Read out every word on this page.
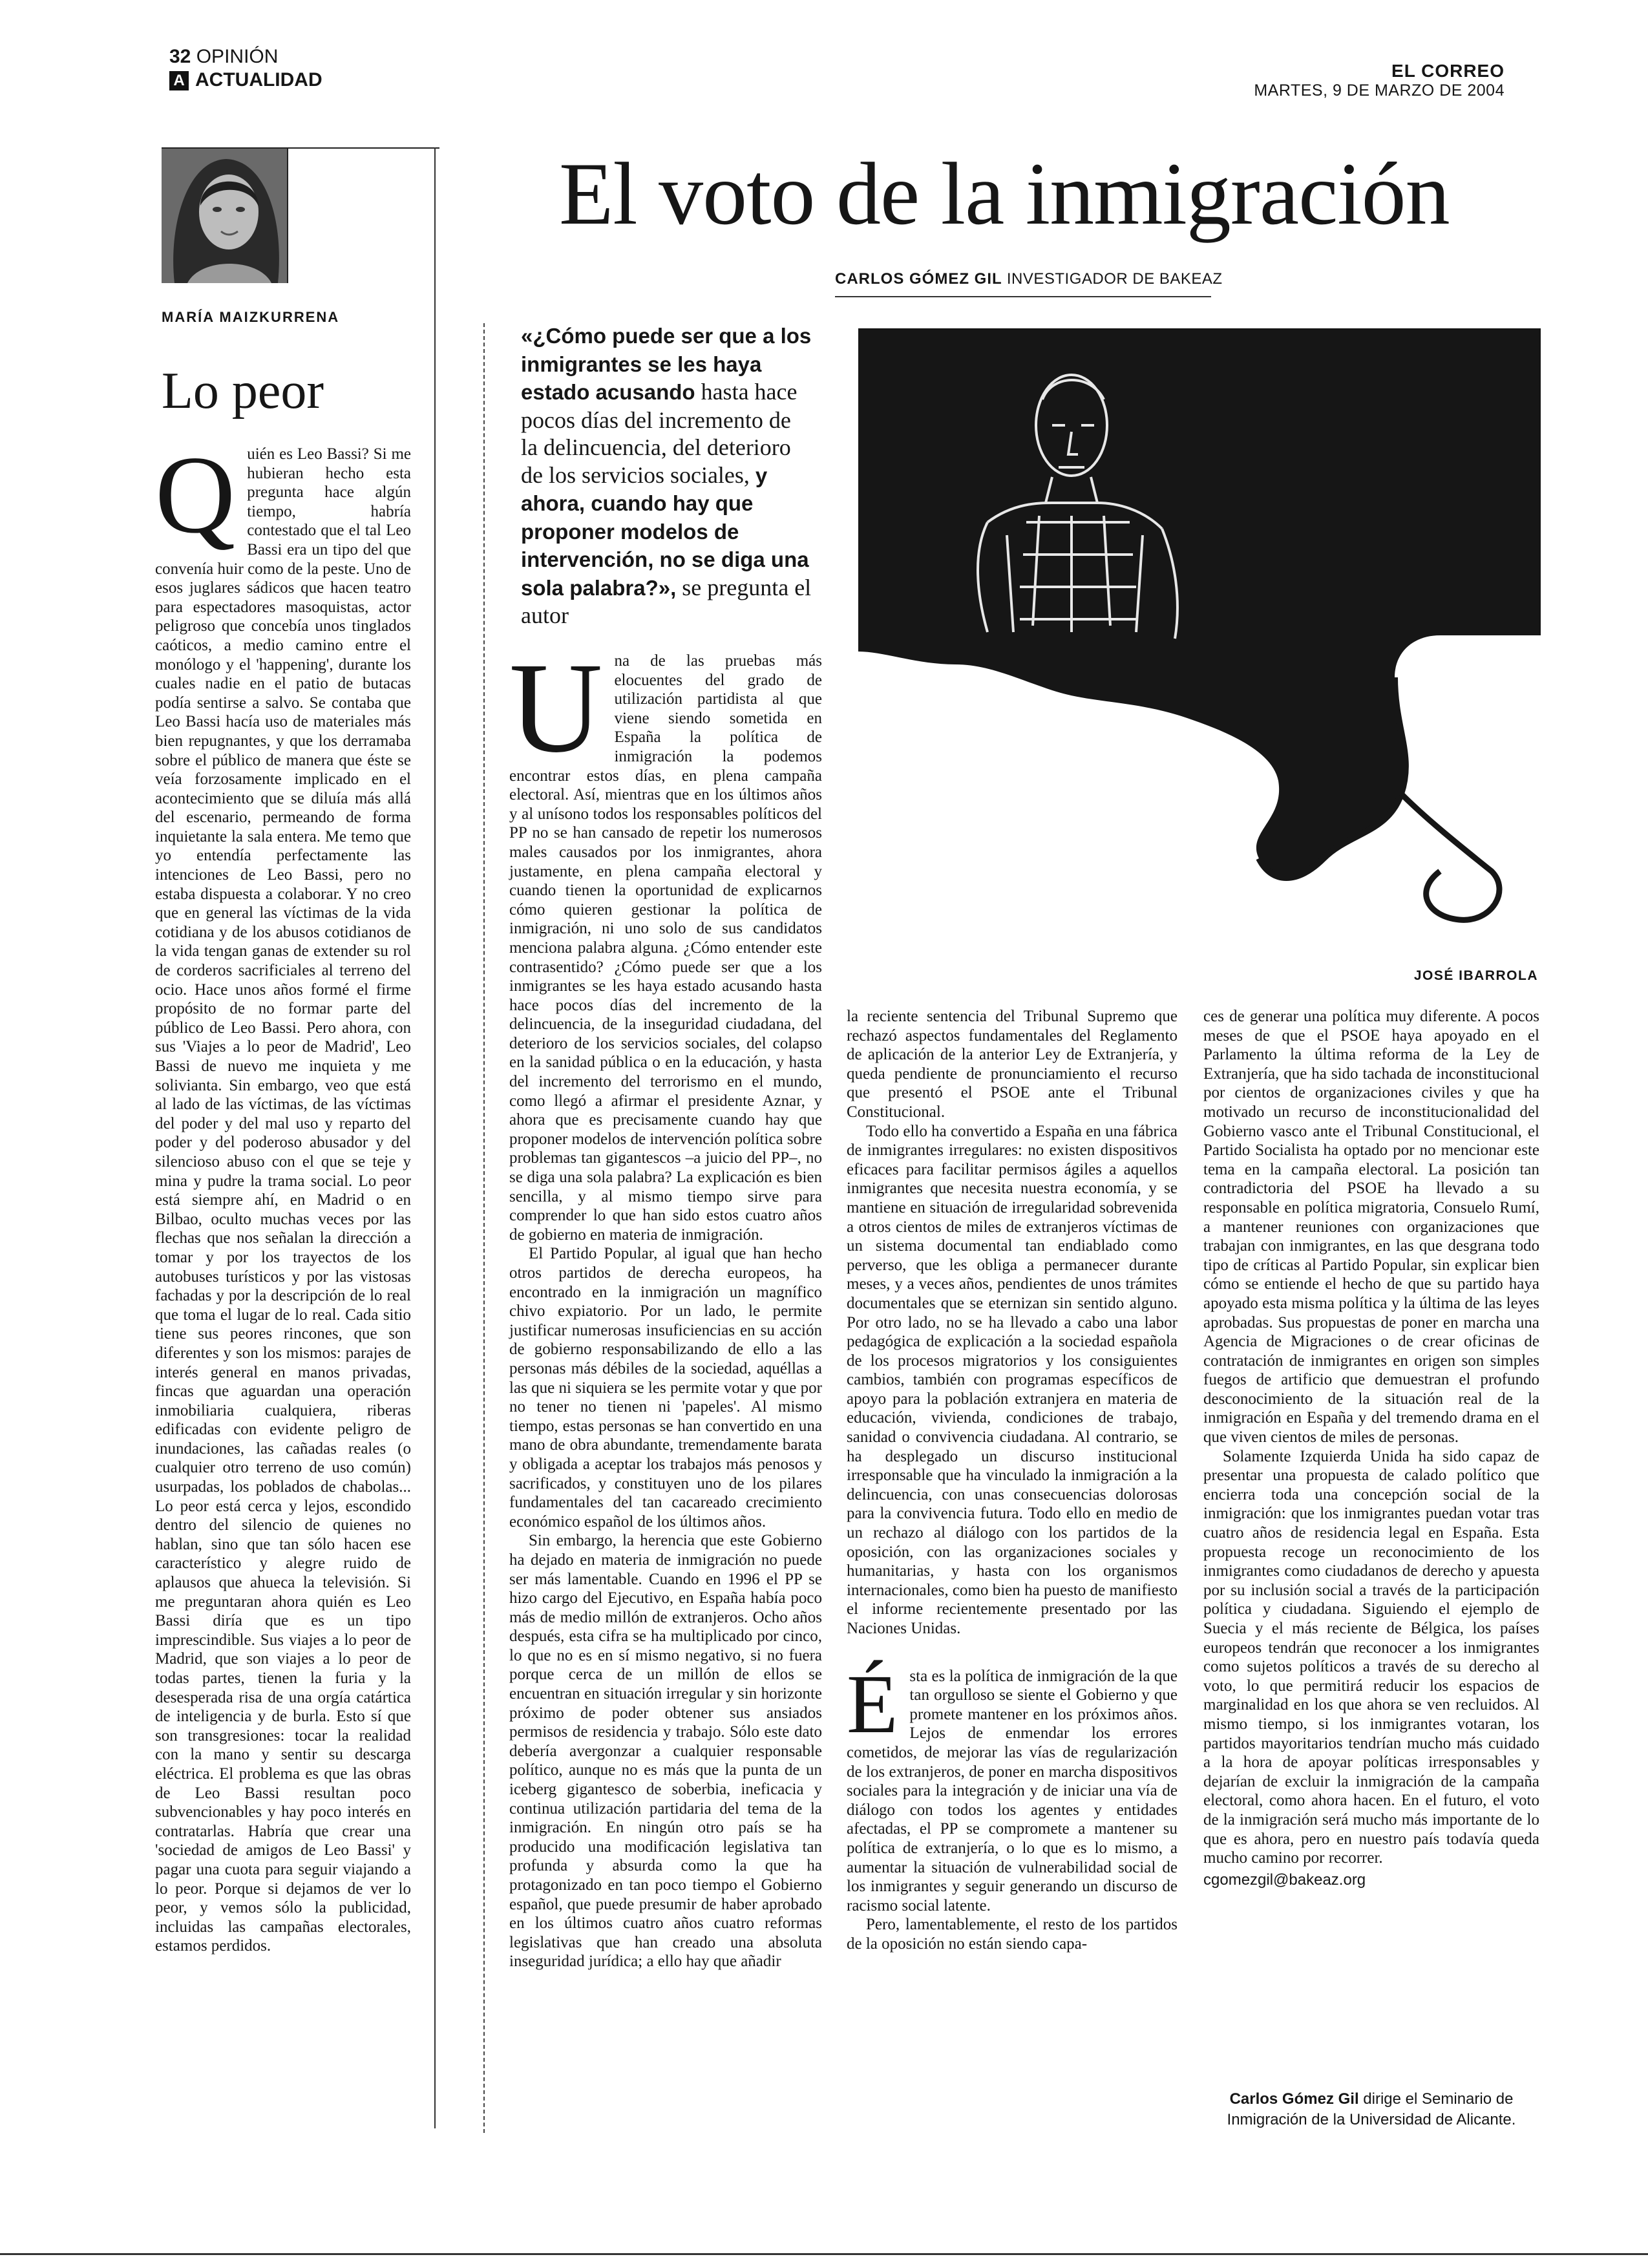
32 OPINIÓN
A ACTUALIDAD	EL CORREO
MARTES, 9 DE MARZO DE 2004
MARÍA MAIZKURRENA
Lo peor

Quién es Leo Bassi? Si me hubieran hecho esta pregunta hace algún tiempo, habría contestado que el tal Leo Bassi era un tipo del que convenía huir como de la peste. Uno de esos juglares sádicos que hacen teatro para espectadores masoquistas, actor peligroso que concebía unos tinglados caóticos, a medio camino entre el monólogo y el 'happening', durante los cuales nadie en el patio de butacas podía sentirse a salvo. Se contaba que Leo Bassi hacía uso de materiales más bien repugnantes, y que los derramaba sobre el público de manera que éste se veía forzosamente implicado en el acontecimiento que se diluía más allá del escenario, permeando de forma inquietante la sala entera. Me temo que yo entendía perfectamente las intenciones de Leo Bassi, pero no estaba dispuesta a colaborar. Y no creo que en general las víctimas de la vida cotidiana y de los abusos cotidianos de la vida tengan ganas de extender su rol de corderos sacrificiales al terreno del ocio. Hace unos años formé el firme propósito de no formar parte del público de Leo Bassi. Pero ahora, con sus 'Viajes a lo peor de Madrid', Leo Bassi de nuevo me inquieta y me solivianta. Sin embargo, veo que está al lado de las víctimas, de las víctimas del poder y del mal uso y reparto del poder y del poderoso abusador y del silencioso abuso con el que se teje y mina y pudre la trama social. Lo peor está siempre ahí, en Madrid o en Bilbao, oculto muchas veces por las flechas que nos señalan la dirección a tomar y por los trayectos de los autobuses turísticos y por las vistosas fachadas y por la descripción de lo real que toma el lugar de lo real. Cada sitio tiene sus peores rincones, que son diferentes y son los mismos: parajes de interés general en manos privadas, fincas que aguardan una operación inmobiliaria cualquiera, riberas edificadas con evidente peligro de inundaciones, las cañadas reales (o cualquier otro terreno de uso común) usurpadas, los poblados de chabolas... Lo peor está cerca y lejos, escondido dentro del silencio de quienes no hablan, sino que tan sólo hacen ese característico y alegre ruido de aplausos que ahueca la televisión. Si me preguntaran ahora quién es Leo Bassi diría que es un tipo imprescindible. Sus viajes a lo peor de Madrid, que son viajes a lo peor de todas partes, tienen la furia y la desesperada risa de una orgía catártica de inteligencia y de burla. Esto sí que son transgresiones: tocar la realidad con la mano y sentir su descarga eléctrica. El problema es que las obras de Leo Bassi resultan poco subvencionables y hay poco interés en contratarlas. Habría que crear una 'sociedad de amigos de Leo Bassi' y pagar una cuota para seguir viajando a lo peor. Porque si dejamos de ver lo peor, y vemos sólo la publicidad, incluidas las campañas electorales, estamos perdidos.

El voto de la inmigración
CARLOS GÓMEZ GIL INVESTIGADOR DE BAKEAZ
«¿Cómo puede ser que a los inmigrantes se les haya estado acusando hasta hace pocos días del incremento de la delincuencia, del deterioro de los servicios sociales, y ahora, cuando hay que proponer modelos de intervención, no se diga una sola palabra?», se pregunta el autor
JOSÉ IBARROLA

Una de las pruebas más elocuentes del grado de utilización partidista al que viene siendo sometida en España la política de inmigración la podemos encontrar estos días, en plena campaña electoral. Así, mientras que en los últimos años y al unísono todos los responsables políticos del PP no se han cansado de repetir los numerosos males causados por los inmigrantes, ahora justamente, en plena campaña electoral y cuando tienen la oportunidad de explicarnos cómo quieren gestionar la política de inmigración, ni uno solo de sus candidatos menciona palabra alguna. ¿Cómo entender este contrasentido? ¿Cómo puede ser que a los inmigrantes se les haya estado acusando hasta hace pocos días del incremento de la delincuencia, de la inseguridad ciudadana, del deterioro de los servicios sociales, del colapso en la sanidad pública o en la educación, y hasta del incremento del terrorismo en el mundo, como llegó a afirmar el presidente Aznar, y ahora que es precisamente cuando hay que proponer modelos de intervención política sobre problemas tan gigantescos –a juicio del PP–, no se diga una sola palabra? La explicación es bien sencilla, y al mismo tiempo sirve para comprender lo que han sido estos cuatro años de gobierno en materia de inmigración.

El Partido Popular, al igual que han hecho otros partidos de derecha europeos, ha encontrado en la inmigración un magnífico chivo expiatorio. Por un lado, le permite justificar numerosas insuficiencias en su acción de gobierno responsabilizando de ello a las personas más débiles de la sociedad, aquéllas a las que ni siquiera se les permite votar y que por no tener no tienen ni 'papeles'. Al mismo tiempo, estas personas se han convertido en una mano de obra abundante, tremendamente barata y obligada a aceptar los trabajos más penosos y sacrificados, y constituyen uno de los pilares fundamentales del tan cacareado crecimiento económico español de los últimos años.

Sin embargo, la herencia que este Gobierno ha dejado en materia de inmigración no puede ser más lamentable. Cuando en 1996 el PP se hizo cargo del Ejecutivo, en España había poco más de medio millón de extranjeros. Ocho años después, esta cifra se ha multiplicado por cinco, lo que no es en sí mismo negativo, si no fuera porque cerca de un millón de ellos se encuentran en situación irregular y sin horizonte próximo de poder obtener sus ansiados permisos de residencia y trabajo. Sólo este dato debería avergonzar a cualquier responsable político, aunque no es más que la punta de un iceberg gigantesco de soberbia, ineficacia y continua utilización partidaria del tema de la inmigración. En ningún otro país se ha producido una modificación legislativa tan profunda y absurda como la que ha protagonizado en tan poco tiempo el Gobierno español, que puede presumir de haber aprobado en los últimos cuatro años cuatro reformas legislativas que han creado una absoluta inseguridad jurídica; a ello hay que añadir

la reciente sentencia del Tribunal Supremo que rechazó aspectos fundamentales del Reglamento de aplicación de la anterior Ley de Extranjería, y queda pendiente de pronunciamiento el recurso que presentó el PSOE ante el Tribunal Constitucional.

Todo ello ha convertido a España en una fábrica de inmigrantes irregulares: no existen dispositivos eficaces para facilitar permisos ágiles a aquellos inmigrantes que necesita nuestra economía, y se mantiene en situación de irregularidad sobrevenida a otros cientos de miles de extranjeros víctimas de un sistema documental tan endiablado como perverso, que les obliga a permanecer durante meses, y a veces años, pendientes de unos trámites documentales que se eternizan sin sentido alguno. Por otro lado, no se ha llevado a cabo una labor pedagógica de explicación a la sociedad española de los procesos migratorios y los consiguientes cambios, también con programas específicos de apoyo para la población extranjera en materia de educación, vivienda, condiciones de trabajo, sanidad o convivencia ciudadana. Al contrario, se ha desplegado un discurso institucional irresponsable que ha vinculado la inmigración a la delincuencia, con unas consecuencias dolorosas para la convivencia futura. Todo ello en medio de un rechazo al diálogo con los partidos de la oposición, con las organizaciones sociales y humanitarias, y hasta con los organismos internacionales, como bien ha puesto de manifiesto el informe recientemente presentado por las Naciones Unidas.

Ésta es la política de inmigración de la que tan orgulloso se siente el Gobierno y que promete mantener en los próximos años. Lejos de enmendar los errores cometidos, de mejorar las vías de regularización de los extranjeros, de poner en marcha dispositivos sociales para la integración y de iniciar una vía de diálogo con todos los agentes y entidades afectadas, el PP se compromete a mantener su política de extranjería, o lo que es lo mismo, a aumentar la situación de vulnerabilidad social de los inmigrantes y seguir generando un discurso de racismo social latente.

Pero, lamentablemente, el resto de los partidos de la oposición no están siendo capa-

ces de generar una política muy diferente. A pocos meses de que el PSOE haya apoyado en el Parlamento la última reforma de la Ley de Extranjería, que ha sido tachada de inconstitucional por cientos de organizaciones civiles y que ha motivado un recurso de inconstitucionalidad del Gobierno vasco ante el Tribunal Constitucional, el Partido Socialista ha optado por no mencionar este tema en la campaña electoral. La posición tan contradictoria del PSOE ha llevado a su responsable en política migratoria, Consuelo Rumí, a mantener reuniones con organizaciones que trabajan con inmigrantes, en las que desgrana todo tipo de críticas al Partido Popular, sin explicar bien cómo se entiende el hecho de que su partido haya apoyado esta misma política y la última de las leyes aprobadas. Sus propuestas de poner en marcha una Agencia de Migraciones o de crear oficinas de contratación de inmigrantes en origen son simples fuegos de artificio que demuestran el profundo desconocimiento de la situación real de la inmigración en España y del tremendo drama en el que viven cientos de miles de personas.

Solamente Izquierda Unida ha sido capaz de presentar una propuesta de calado político que encierra toda una concepción social de la inmigración: que los inmigrantes puedan votar tras cuatro años de residencia legal en España. Esta propuesta recoge un reconocimiento de los inmigrantes como ciudadanos de derecho y apuesta por su inclusión social a través de la participación política y ciudadana. Siguiendo el ejemplo de Suecia y el más reciente de Bélgica, los países europeos tendrán que reconocer a los inmigrantes como sujetos políticos a través de su derecho al voto, lo que permitirá reducir los espacios de marginalidad en los que ahora se ven recluidos. Al mismo tiempo, si los inmigrantes votaran, los partidos mayoritarios tendrían mucho más cuidado a la hora de apoyar políticas irresponsables y dejarían de excluir la inmigración de la campaña electoral, como ahora hacen. En el futuro, el voto de la inmigración será mucho más importante de lo que es ahora, pero en nuestro país todavía queda mucho camino por recorrer.

cgomezgil@bakeaz.org
Carlos Gómez Gil dirige el Seminario de Inmigración de la Universidad de Alicante.
